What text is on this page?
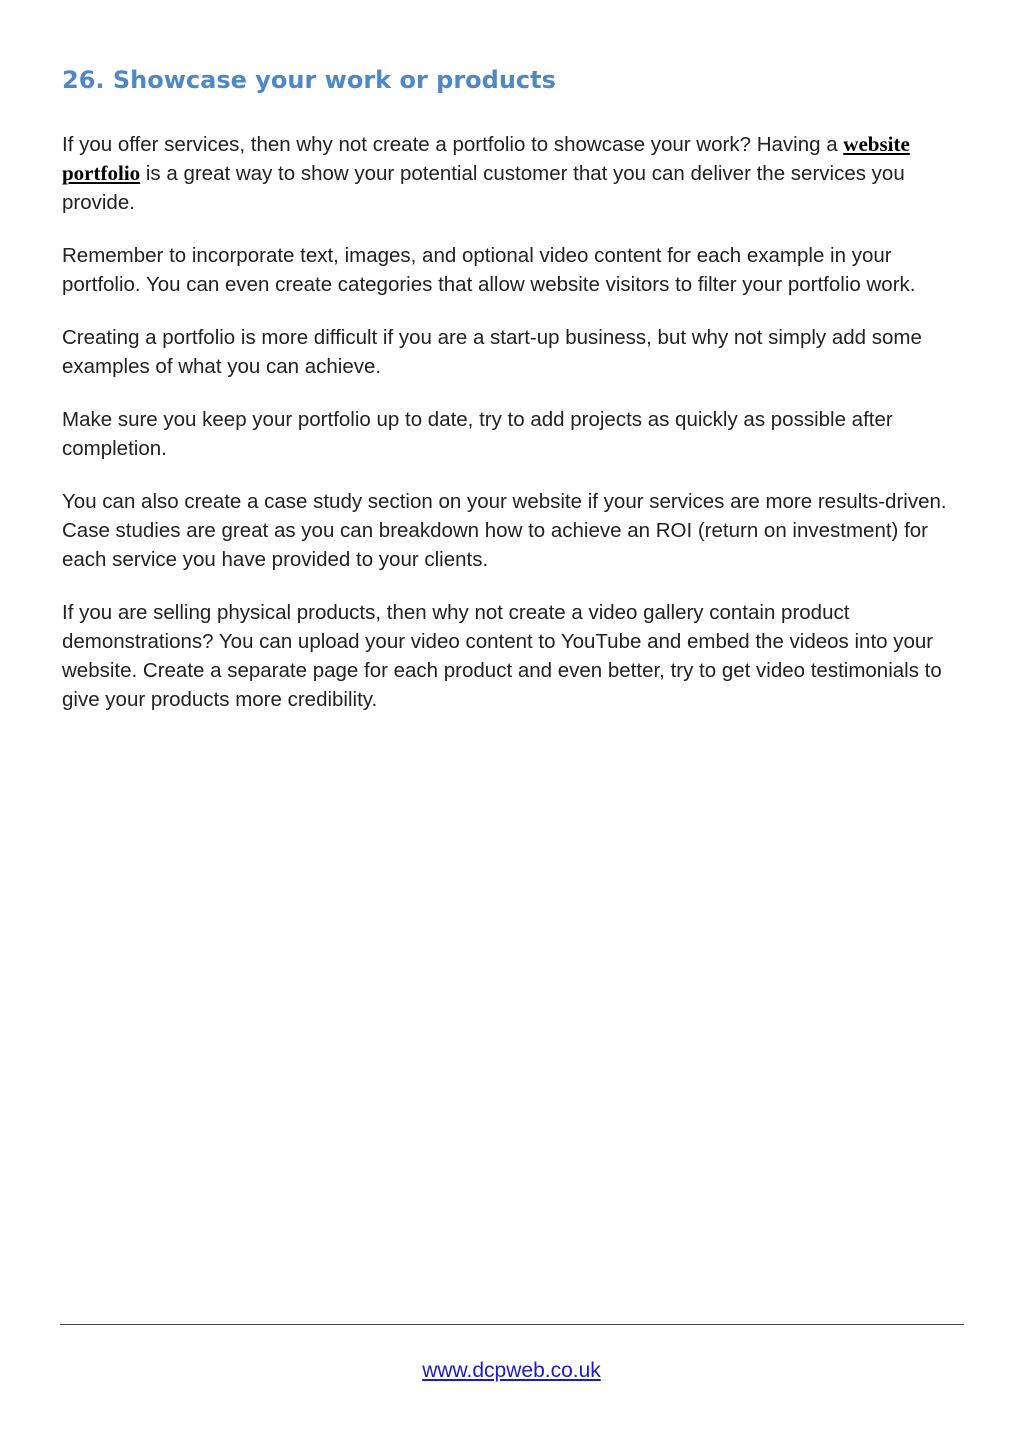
26. Showcase your work or products

If you offer services, then why not create a portfolio to showcase your work? Having a website portfolio is a great way to show your potential customer that you can deliver the services you provide.

Remember to incorporate text, images, and optional video content for each example in your portfolio. You can even create categories that allow website visitors to filter your portfolio work.

Creating a portfolio is more difficult if you are a start-up business, but why not simply add some examples of what you can achieve.

Make sure you keep your portfolio up to date, try to add projects as quickly as possible after completion.

You can also create a case study section on your website if your services are more results-driven. Case studies are great as you can breakdown how to achieve an ROI (return on investment) for each service you have provided to your clients.

If you are selling physical products, then why not create a video gallery contain product demonstrations? You can upload your video content to YouTube and embed the videos into your website. Create a separate page for each product and even better, try to get video testimonials to give your products more credibility.

www.dcpweb.co.uk
